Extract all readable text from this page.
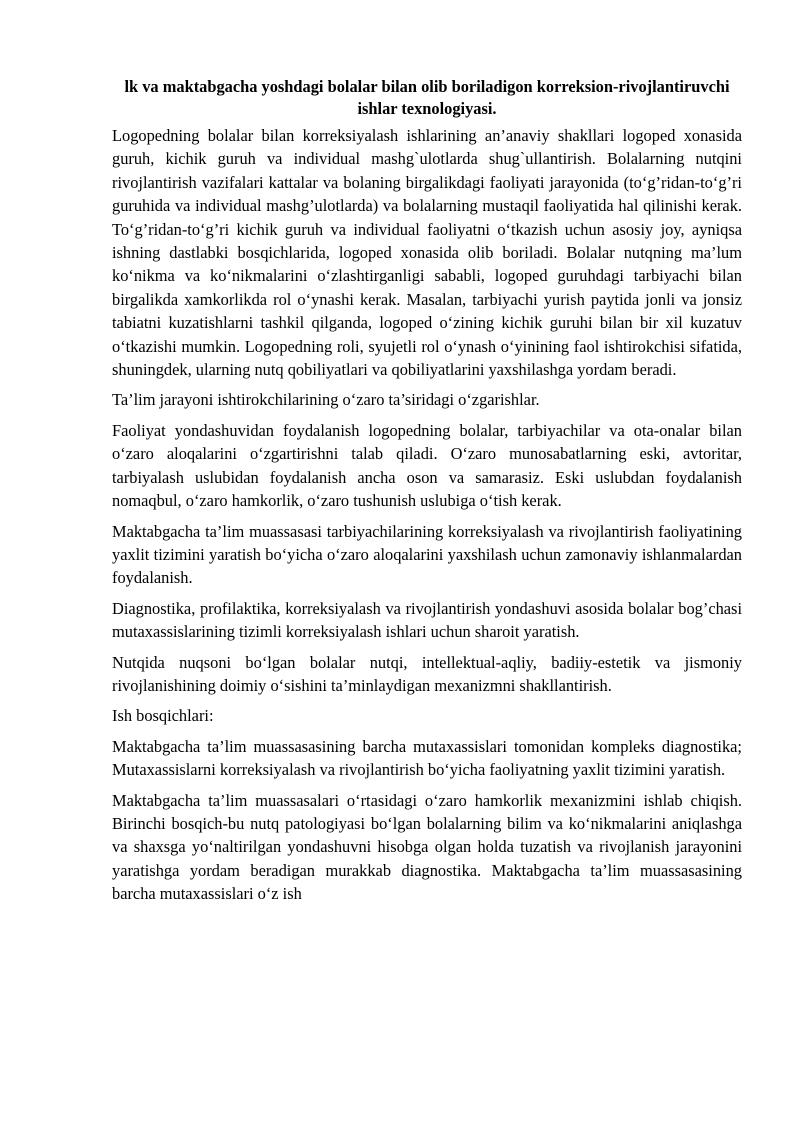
lk va maktabgacha yoshdagi bolalar bilan olib boriladigon korreksion-rivojlantiruvchi ishlar texnologiyasi.

Logopedning bolalar bilan korreksiyalash ishlarining an’anaviy shakllari logoped xonasida guruh, kichik guruh va individual mashg`ulotlarda shug`ullantirish. Bolalarning nutqini rivojlantirish vazifalari kattalar va bolaning birgalikdagi faoliyati jarayonida (to‘g’ridan-to‘g’ri guruhida va individual mashg’ulotlarda) va bolalarning mustaqil faoliyatida hal qilinishi kerak. To‘g’ridan-to‘g’ri kichik guruh va individual faoliyatni o‘tkazish uchun asosiy joy, ayniqsa ishning dastlabki bosqichlarida, logoped xonasida olib boriladi. Bolalar nutqning ma’lum ko‘nikma va ko‘nikmalarini o‘zlashtirganligi sababli, logoped guruhdagi tarbiyachi bilan birgalikda xamkorlikda rol o‘ynashi kerak. Masalan, tarbiyachi yurish paytida jonli va jonsiz tabiatni kuzatishlarni tashkil qilganda, logoped o‘zining kichik guruhi bilan bir xil kuzatuv o‘tkazishi mumkin. Logopedning roli, syujetli rol o‘ynash o‘yinining faol ishtirokchisi sifatida, shuningdek, ularning nutq qobiliyatlari va qobiliyatlarini yaxshilashga yordam beradi.

Ta’lim jarayoni ishtirokchilarining o‘zaro ta’siridagi o‘zgarishlar.

Faoliyat yondashuvidan foydalanish logopedning bolalar, tarbiyachilar va ota-onalar bilan o‘zaro aloqalarini o‘zgartirishni talab qiladi. O‘zaro munosabatlarning eski, avtoritar, tarbiyalash uslubidan foydalanish ancha oson va samarasiz. Eski uslubdan foydalanish nomaqbul, o‘zaro hamkorlik, o‘zaro tushunish uslubiga o‘tish kerak.

Maktabgacha ta’lim muassasasi tarbiyachilarining korreksiyalash va rivojlantirish faoliyatining yaxlit tizimini yaratish bo‘yicha o‘zaro aloqalarini yaxshilash uchun zamonaviy ishlanmalardan foydalanish.

Diagnostika, profilaktika, korreksiyalash va rivojlantirish yondashuvi asosida bolalar bog’chasi mutaxassislarining tizimli korreksiyalash ishlari uchun sharoit yaratish.

Nutqida nuqsoni bo‘lgan bolalar nutqi, intellektual-aqliy, badiiy-estetik va jismoniy rivojlanishining doimiy o‘sishini ta’minlaydigan mexanizmni shakllantirish.

Ish bosqichlari:

Maktabgacha ta’lim muassasasining barcha mutaxassislari tomonidan kompleks diagnostika; Mutaxassislarni korreksiyalash va rivojlantirish bo‘yicha faoliyatning yaxlit tizimini yaratish.

Maktabgacha ta’lim muassasalari o‘rtasidagi o‘zaro hamkorlik mexanizmini ishlab chiqish. Birinchi bosqich-bu nutq patologiyasi bo‘lgan bolalarning bilim va ko‘nikmalarini aniqlashga va shaxsga yo‘naltirilgan yondashuvni hisobga olgan holda tuzatish va rivojlanish jarayonini yaratishga yordam beradigan murakkab diagnostika. Maktabgacha ta’lim muassasasining barcha mutaxassislari o‘z ish
